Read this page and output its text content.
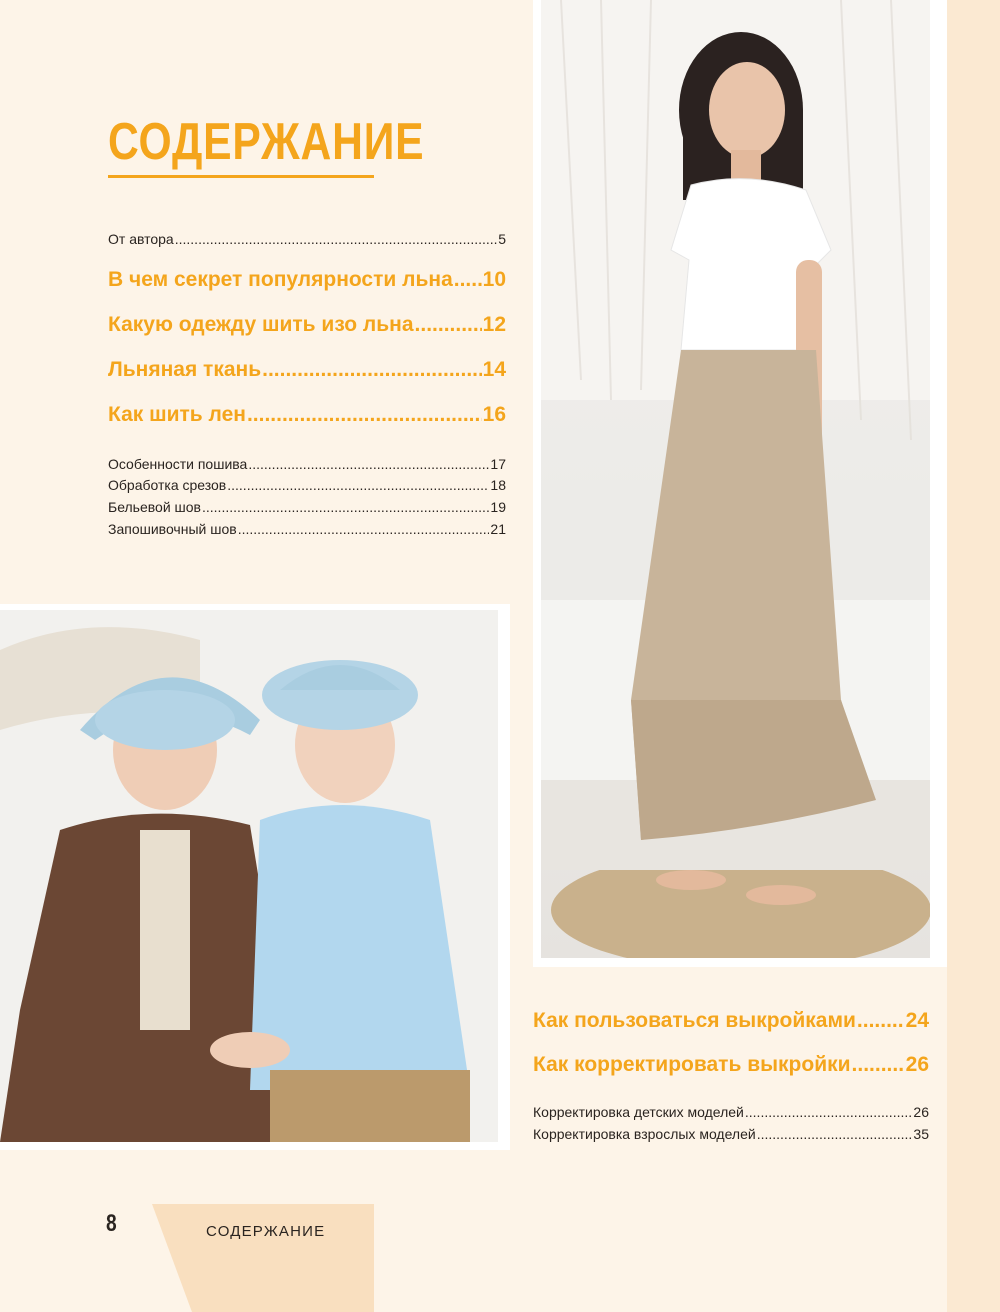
СОДЕРЖАНИЕ
От автора .....	5
В чем секрет популярности льна ..... 10
Какую одежду шить изо льна .....	12
Льняная ткань .....	14
Как шить лен .....	16
Особенности пошива .....	17
Обработка срезов .....	18
Бельевой шов .....	19
Запошивочный шов .....	21
Как пользоваться выкройками ..... 24
Как корректировать выкройки .....	26
Корректировка детских моделей .....	26
Корректировка взрослых моделей .....	35
8	СОДЕРЖАНИЕ
